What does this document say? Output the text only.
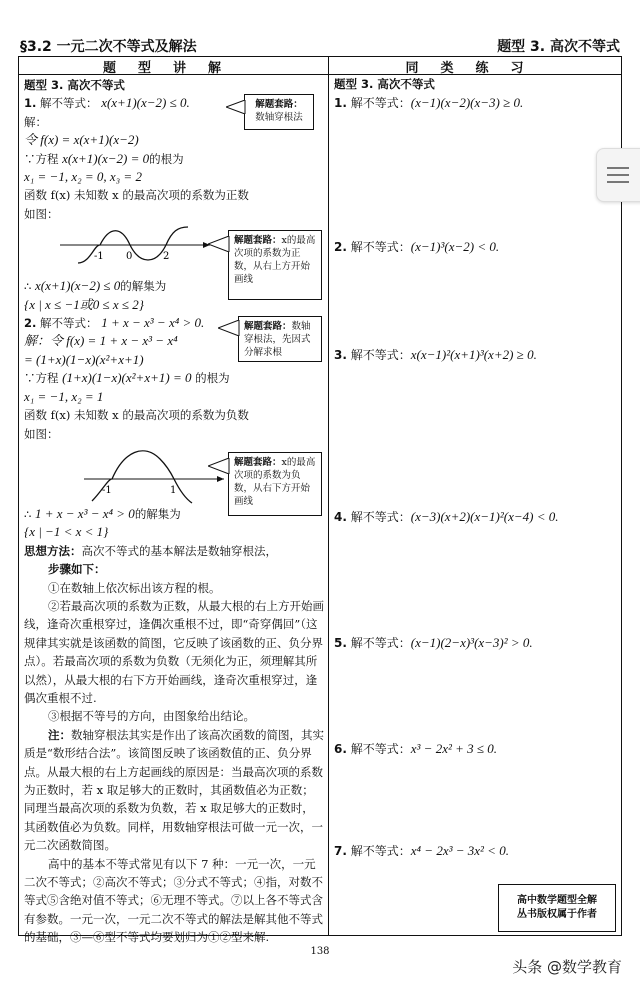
§3.2 一元二次不等式及解法	题型 3. 高次不等式
题型讲解	同类练习
题型 3. 高次不等式
1. 解不等式： x(x+1)(x−2) ≤ 0.
解：
令 f(x) = x(x+1)(x−2)
∵方程 x(x+1)(x−2) = 0的根为
x₁ = −1, x₂ = 0, x₃ = 2
函数 f(x) 未知数 x 的最高次项的系数为正数
如图：
-1 0	2
∴ x(x+1)(x−2) ≤ 0的解集为
{x | x ≤ −1或0 ≤ x ≤ 2}
2. 解不等式： 1 + x − x³ − x⁴ > 0.
解：令 f(x) = 1 + x − x³ − x⁴
= (1+x)(1−x)(x²+x+1)
∵方程 (1+x)(1−x)(x²+x+1) = 0 的根为
x₁ = −1, x₂ = 1
函数 f(x) 未知数 x 的最高次项的系数为负数
如图：
-1	1
∴ 1 + x − x³ − x⁴ > 0的解集为
{x | −1 < x < 1}
思想方法：高次不等式的基本解法是数轴穿根法，
步骤如下：
①在数轴上依次标出该方程的根。
②若最高次项的系数为正数，从最大根的右上方开始画线，逢奇次重根穿过，逢偶次重根不过，即“奇穿偶回”（这规律其实就是该函数的简图，它反映了该函数的正、负分界点）。若最高次项的系数为负数（无须化为正，须理解其所以然），从最大根的右下方开始画线，逢奇次重根穿过，逢偶次重根不过.
③根据不等号的方向，由图象给出结论。
注：数轴穿根法其实是作出了该高次函数的简图，其实质是“数形结合法”。该简图反映了该函数值的正、负分界点。从最大根的右上方起画线的原因是：当最高次项的系数为正数时，若 x 取足够大的正数时，其函数值必为正数；同理当最高次项的系数为负数，若 x 取足够大的正数时，其函数值必为负数。同样，用数轴穿根法可做一元一次，一元二次函数简图。
高中的基本不等式常见有以下 7 种：一元一次，一元二次不等式；②高次不等式；③分式不等式；④指，对数不等式⑤含绝对值不等式；⑥无理不等式。⑦以上各不等式含有参数。一元一次，一元二次不等式的解法是解其他不等式的基础，③—⑥型不等式均要划归为①②型来解.
解题套路：
数轴穿根法
解题套路：x的最高次项的系数为正数，从右上方开始画线
解题套路：数轴穿根法，先因式分解求根
解题套路：x的最高次项的系数为负数，从右下方开始画线
题型 3. 高次不等式
1. 解不等式：(x−1)(x−2)(x−3) ≥ 0.
2. 解不等式：(x−1)³(x−2) < 0.
3. 解不等式：x(x−1)²(x+1)³(x+2) ≥ 0.
4. 解不等式：(x−3)(x+2)(x−1)²(x−4) < 0.
5. 解不等式：(x−1)(2−x)³(x−3)² > 0.
6. 解不等式：x³ − 2x² + 3 ≤ 0.
7. 解不等式：x⁴ − 2x³ − 3x² < 0.
高中数学题型全解
丛书版权属于作者
138
头条 @数学教育
